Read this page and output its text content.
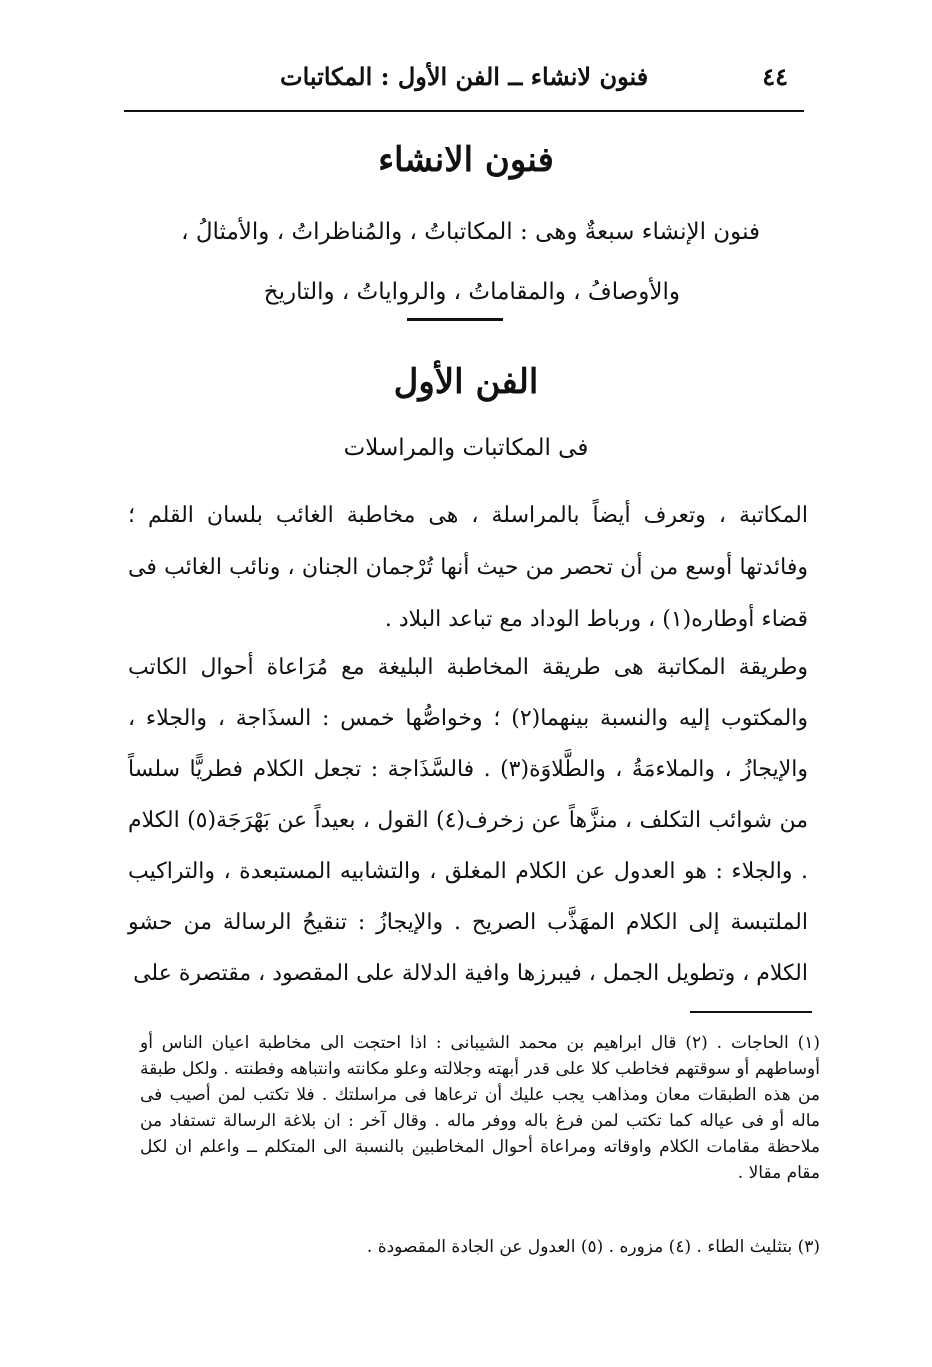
٤٤
فنون لانشاء ــ الفن الأول : المكاتبات
فنون الانشاء
فنون الإنشاء سبعةٌ وهى : المكاتباتُ ، والمُناظراتُ ، والأمثالُ ،
والأوصافُ ، والمقاماتُ ، والرواياتُ ، والتاريخ
الفن الأول
فى المكاتبات والمراسلات

المكاتبة ، وتعرف أيضاً بالمراسلة ، هى مخاطبة الغائب بلسان القلم ؛ وفائدتها أوسع من أن تحصر من حيث أنها تُرْجمان الجنان ، ونائب الغائب فى قضاء أوطاره(١) ، ورباط الوداد مع تباعد البلاد .

وطريقة المكاتبة هى طريقة المخاطبة البليغة مع مُرَاعاة أحوال الكاتب والمكتوب إليه والنسبة بينهما(٢) ؛ وخواصُّها خمس : السذَاجة ، والجلاء ، والإيجازُ ، والملاءمَةُ ، والطَّلاوَة(٣) . فالسَّذَاجة : تجعل الكلام فطريًّا سلساً من شوائب التكلف ، منزَّهاً عن زخرف(٤) القول ، بعيداً عن بَهْرَجَة(٥) الكلام . والجلاء : هو العدول عن الكلام المغلق ، والتشابيه المستبعدة ، والتراكيب الملتبسة إلى الكلام المهَذَّب الصريح . والإيجازُ : تنقيحُ الرسالة من حشو الكلام ، وتطويل الجمل ، فيبرزها وافية الدلالة على المقصود ، مقتصرة على

(١) الحاجات . (٢) قال ابراهيم بن محمد الشيبانى : اذا احتجت الى مخاطبة اعيان الناس أو أوساطهم أو سوقتهم فخاطب كلا على قدر أبهته وجلالته وعلو مكانته وانتباهه وفطنته . ولكل طبقة من هذه الطبقات معان ومذاهب يجب عليك أن ترعاها فى مراسلتك . فلا تكتب لمن أصيب فى ماله أو فى عياله كما تكتب لمن فرغ باله ووفر ماله . وقال آخر : ان بلاغة الرسالة تستفاد من ملاحظة مقامات الكلام واوقاته ومراعاة أحوال المخاطبين بالنسبة الى المتكلم ــ واعلم ان لكل مقام مقالا .

(٣) بتثليث الطاء . (٤) مزوره . (٥) العدول عن الجادة المقصودة .
